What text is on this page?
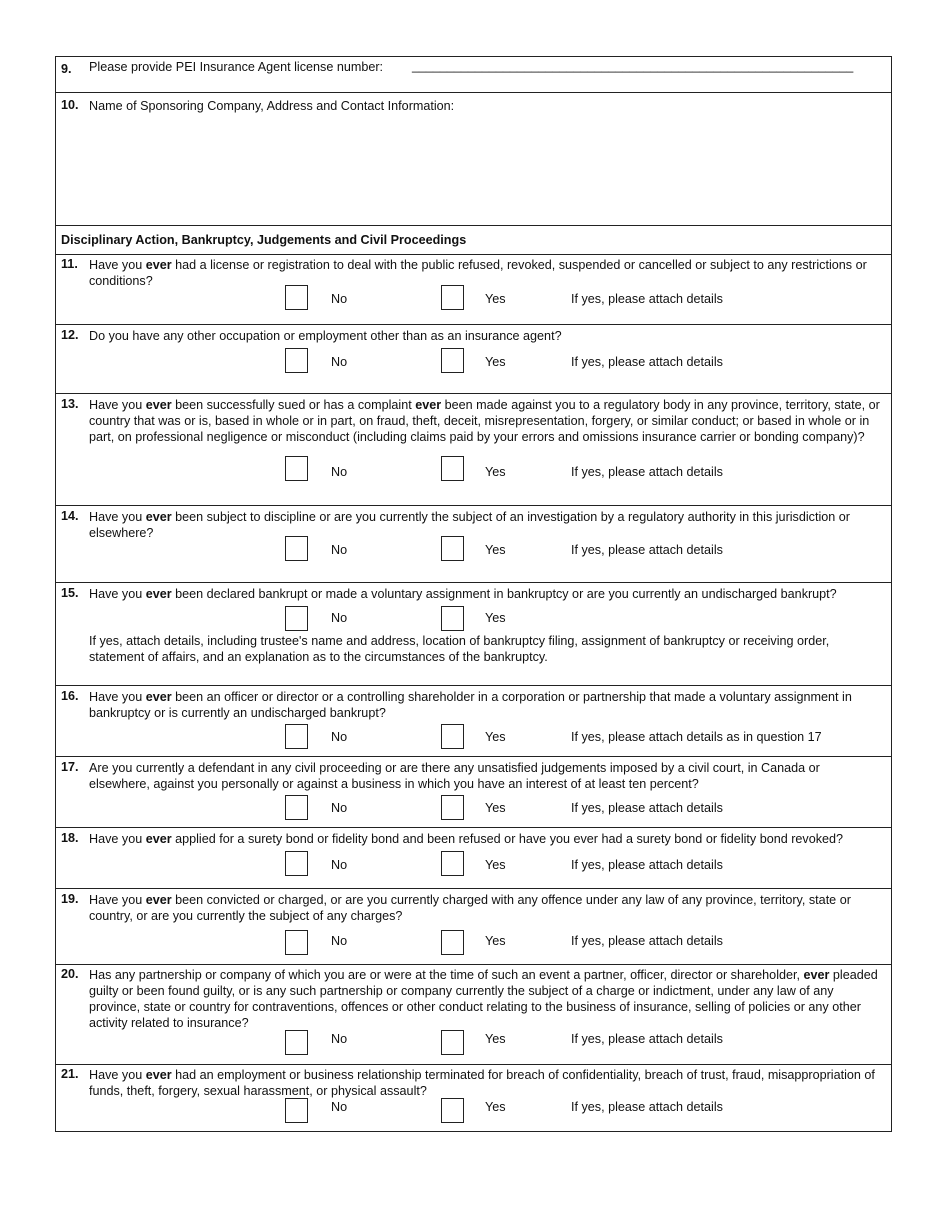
9. Please provide PEI Insurance Agent license number:	_______________________________________________________________
10. Name of Sponsoring Company, Address and Contact Information:
Disciplinary Action, Bankruptcy, Judgements and Civil Proceedings
11. Have you ever had a license or registration to deal with the public refused, revoked, suspended or cancelled or subject to any restrictions or conditions?
No	Yes	If yes, please attach details
12. Do you have any other occupation or employment other than as an insurance agent?
No	Yes	If yes, please attach details
13. Have you ever been successfully sued or has a complaint ever been made against you to a regulatory body in any province, territory, state, or country that was or is, based in whole or in part, on fraud, theft, deceit, misrepresentation, forgery, or similar conduct; or based in whole or in part, on professional negligence or misconduct (including claims paid by your errors and omissions insurance carrier or bonding company)?
No	Yes	If yes, please attach details
14. Have you ever been subject to discipline or are you currently the subject of an investigation by a regulatory authority in this jurisdiction or elsewhere?
No	Yes	If yes, please attach details
15. Have you ever been declared bankrupt or made a voluntary assignment in bankruptcy or are you currently an undischarged bankrupt?
No	Yes
If yes, attach details, including trustee's name and address, location of bankruptcy filing, assignment of bankruptcy or receiving order, statement of affairs, and an explanation as to the circumstances of the bankruptcy.
16. Have you ever been an officer or director or a controlling shareholder in a corporation or partnership that made a voluntary assignment in bankruptcy or is currently an undischarged bankrupt?
No	Yes	If yes, please attach details as in question 17
17. Are you currently a defendant in any civil proceeding or are there any unsatisfied judgements imposed by a civil court, in Canada or elsewhere, against you personally or against a business in which you have an interest of at least ten percent?
No	Yes	If yes, please attach details
18. Have you ever applied for a surety bond or fidelity bond and been refused or have you ever had a surety bond or fidelity bond revoked?
No	Yes	If yes, please attach details
19. Have you ever been convicted or charged, or are you currently charged with any offence under any law of any province, territory, state or country, or are you currently the subject of any charges?
No	Yes	If yes, please attach details
20. Has any partnership or company of which you are or were at the time of such an event a partner, officer, director or shareholder, ever pleaded guilty or been found guilty, or is any such partnership or company currently the subject of a charge or indictment, under any law of any province, state or country for contraventions, offences or other conduct relating to the business of insurance, selling of policies or any other activity related to insurance?
No	Yes	If yes, please attach details
21. Have you ever had an employment or business relationship terminated for breach of confidentiality, breach of trust, fraud, misappropriation of funds, theft, forgery, sexual harassment, or physical assault?
No	Yes	If yes, please attach details
